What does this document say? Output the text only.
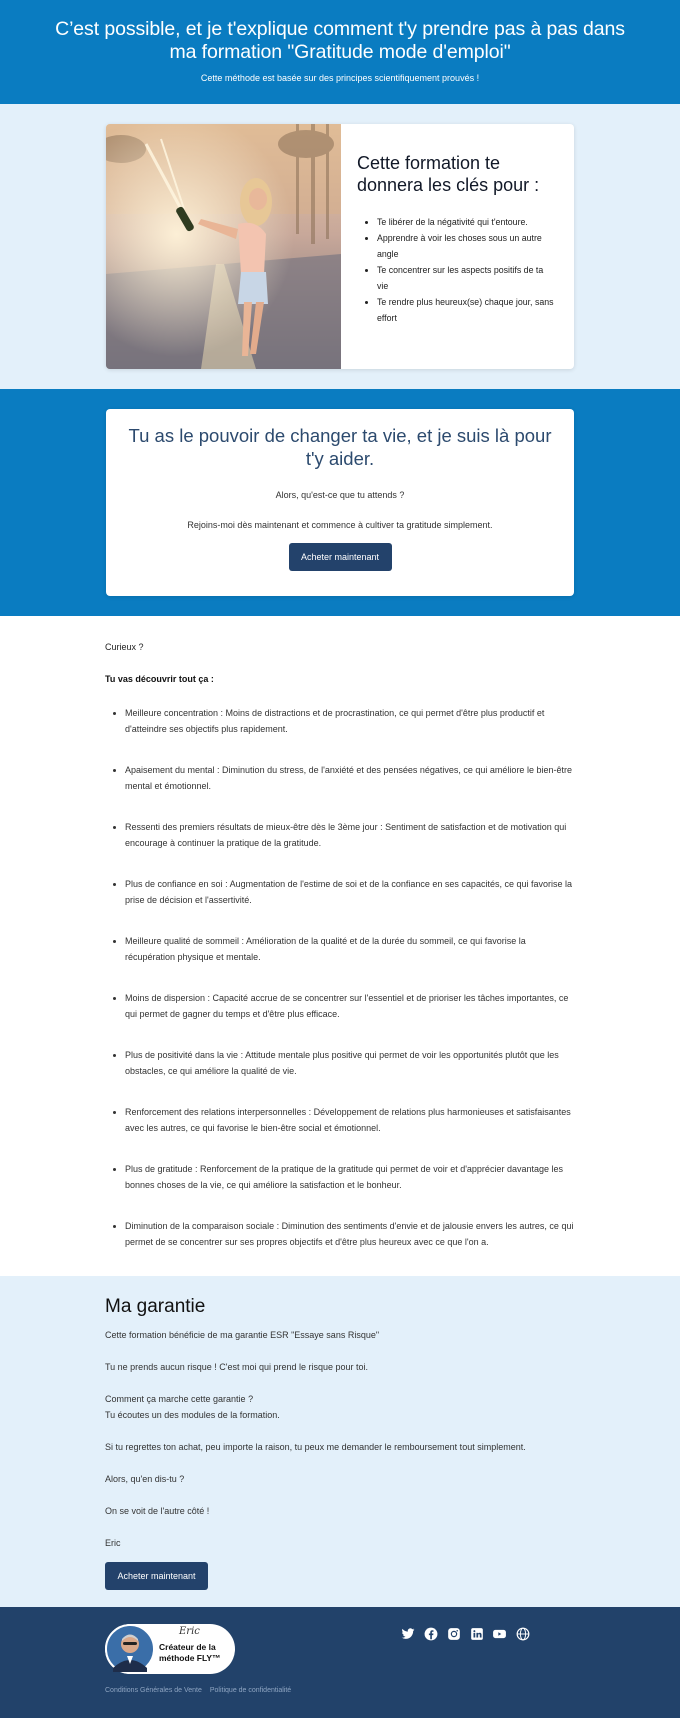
C’est possible, et je t'explique comment t'y prendre pas à pas dans ma formation "Gratitude mode d'emploi"

Cette méthode est basée sur des principes scientifiquement prouvés !

Cette formation te donnera les clés pour :
• Te libérer de la négativité qui t'entoure.
• Apprendre à voir les choses sous un autre angle
• Te concentrer sur les aspects positifs de ta vie
• Te rendre plus heureux(se) chaque jour, sans effort
Tu as le pouvoir de changer ta vie, et je suis là pour t'y aider.

Alors, qu'est-ce que tu attends ?

Rejoins-moi dès maintenant et commence à cultiver ta gratitude simplement.

Acheter maintenant

Curieux ?

Tu vas découvrir tout ça :

• Meilleure concentration : Moins de distractions et de procrastination, ce qui permet d'être plus productif et d'atteindre ses objectifs plus rapidement.
• Apaisement du mental : Diminution du stress, de l'anxiété et des pensées négatives, ce qui améliore le bien-être mental et émotionnel.
• Ressenti des premiers résultats de mieux-être dès le 3ème jour : Sentiment de satisfaction et de motivation qui encourage à continuer la pratique de la gratitude.
• Plus de confiance en soi : Augmentation de l'estime de soi et de la confiance en ses capacités, ce qui favorise la prise de décision et l'assertivité.
• Meilleure qualité de sommeil : Amélioration de la qualité et de la durée du sommeil, ce qui favorise la récupération physique et mentale.
• Moins de dispersion : Capacité accrue de se concentrer sur l'essentiel et de prioriser les tâches importantes, ce qui permet de gagner du temps et d'être plus efficace.
• Plus de positivité dans la vie : Attitude mentale plus positive qui permet de voir les opportunités plutôt que les obstacles, ce qui améliore la qualité de vie.
• Renforcement des relations interpersonnelles : Développement de relations plus harmonieuses et satisfaisantes avec les autres, ce qui favorise le bien-être social et émotionnel.
• Plus de gratitude : Renforcement de la pratique de la gratitude qui permet de voir et d'apprécier davantage les bonnes choses de la vie, ce qui améliore la satisfaction et le bonheur.
• Diminution de la comparaison sociale : Diminution des sentiments d'envie et de jalousie envers les autres, ce qui permet de se concentrer sur ses propres objectifs et d'être plus heureux avec ce que l'on a.
Ma garantie

Cette formation bénéficie de ma garantie ESR "Essaye sans Risque"

Tu ne prends aucun risque ! C'est moi qui prend le risque pour toi.

Comment ça marche cette garantie ?
Tu écoutes un des modules de la formation.

Si tu regrettes ton achat, peu importe la raison, tu peux me demander le remboursement tout simplement.

Alors, qu'en dis-tu ?

On se voit de l'autre côté !

Eric

Acheter maintenant
Eric
Créateur de la
méthode FLY™
Conditions Générales de Vente Politique de confidentialité
